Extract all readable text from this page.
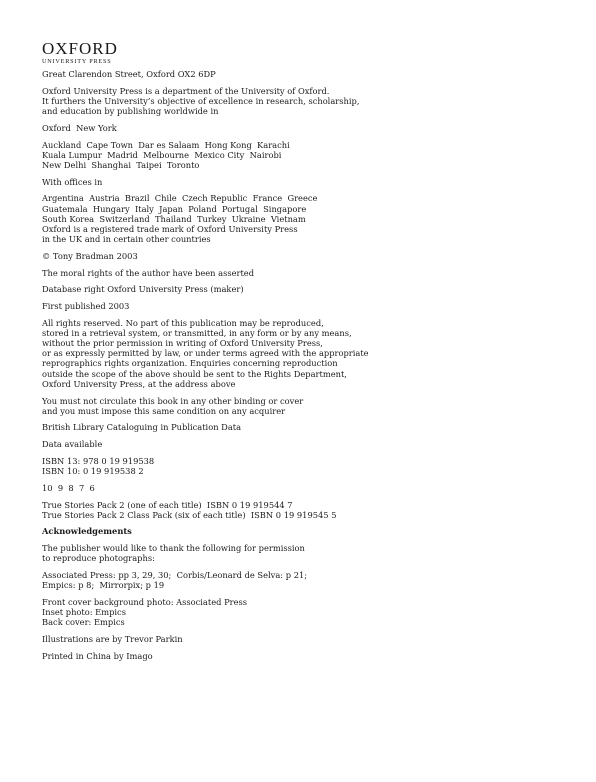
OXFORD
UNIVERSITY PRESS
Great Clarendon Street, Oxford OX2 6DP
Oxford University Press is a department of the University of Oxford.
It furthers the University’s objective of excellence in research, scholarship,
and education by publishing worldwide in
Oxford  New York
Auckland  Cape Town  Dar es Salaam  Hong Kong  Karachi
Kuala Lumpur  Madrid  Melbourne  Mexico City  Nairobi
New Delhi  Shanghai  Taipei  Toronto
With offices in
Argentina  Austria  Brazil  Chile  Czech Republic  France  Greece
Guatemala  Hungary  Italy  Japan  Poland  Portugal  Singapore
South Korea  Switzerland  Thailand  Turkey  Ukraine  Vietnam
Oxford is a registered trade mark of Oxford University Press
in the UK and in certain other countries
© Tony Bradman 2003
The moral rights of the author have been asserted
Database right Oxford University Press (maker)
First published 2003
All rights reserved. No part of this publication may be reproduced,
stored in a retrieval system, or transmitted, in any form or by any means,
without the prior permission in writing of Oxford University Press,
or as expressly permitted by law, or under terms agreed with the appropriate
reprographics rights organization. Enquiries concerning reproduction
outside the scope of the above should be sent to the Rights Department,
Oxford University Press, at the address above
You must not circulate this book in any other binding or cover
and you must impose this same condition on any acquirer
British Library Cataloguing in Publication Data
Data available
ISBN 13: 978 0 19 919538
ISBN 10: 0 19 919538 2
10  9  8  7  6
True Stories Pack 2 (one of each title)  ISBN 0 19 919544 7
True Stories Pack 2 Class Pack (six of each title)  ISBN 0 19 919545 5
Acknowledgements
The publisher would like to thank the following for permission
to reproduce photographs:
Associated Press: pp 3, 29, 30;  Corbis/Leonard de Selva: p 21;
Empics: p 8;  Mirrorpix; p 19
Front cover background photo: Associated Press
Inset photo: Empics
Back cover: Empics
Illustrations are by Trevor Parkin
Printed in China by Imago
